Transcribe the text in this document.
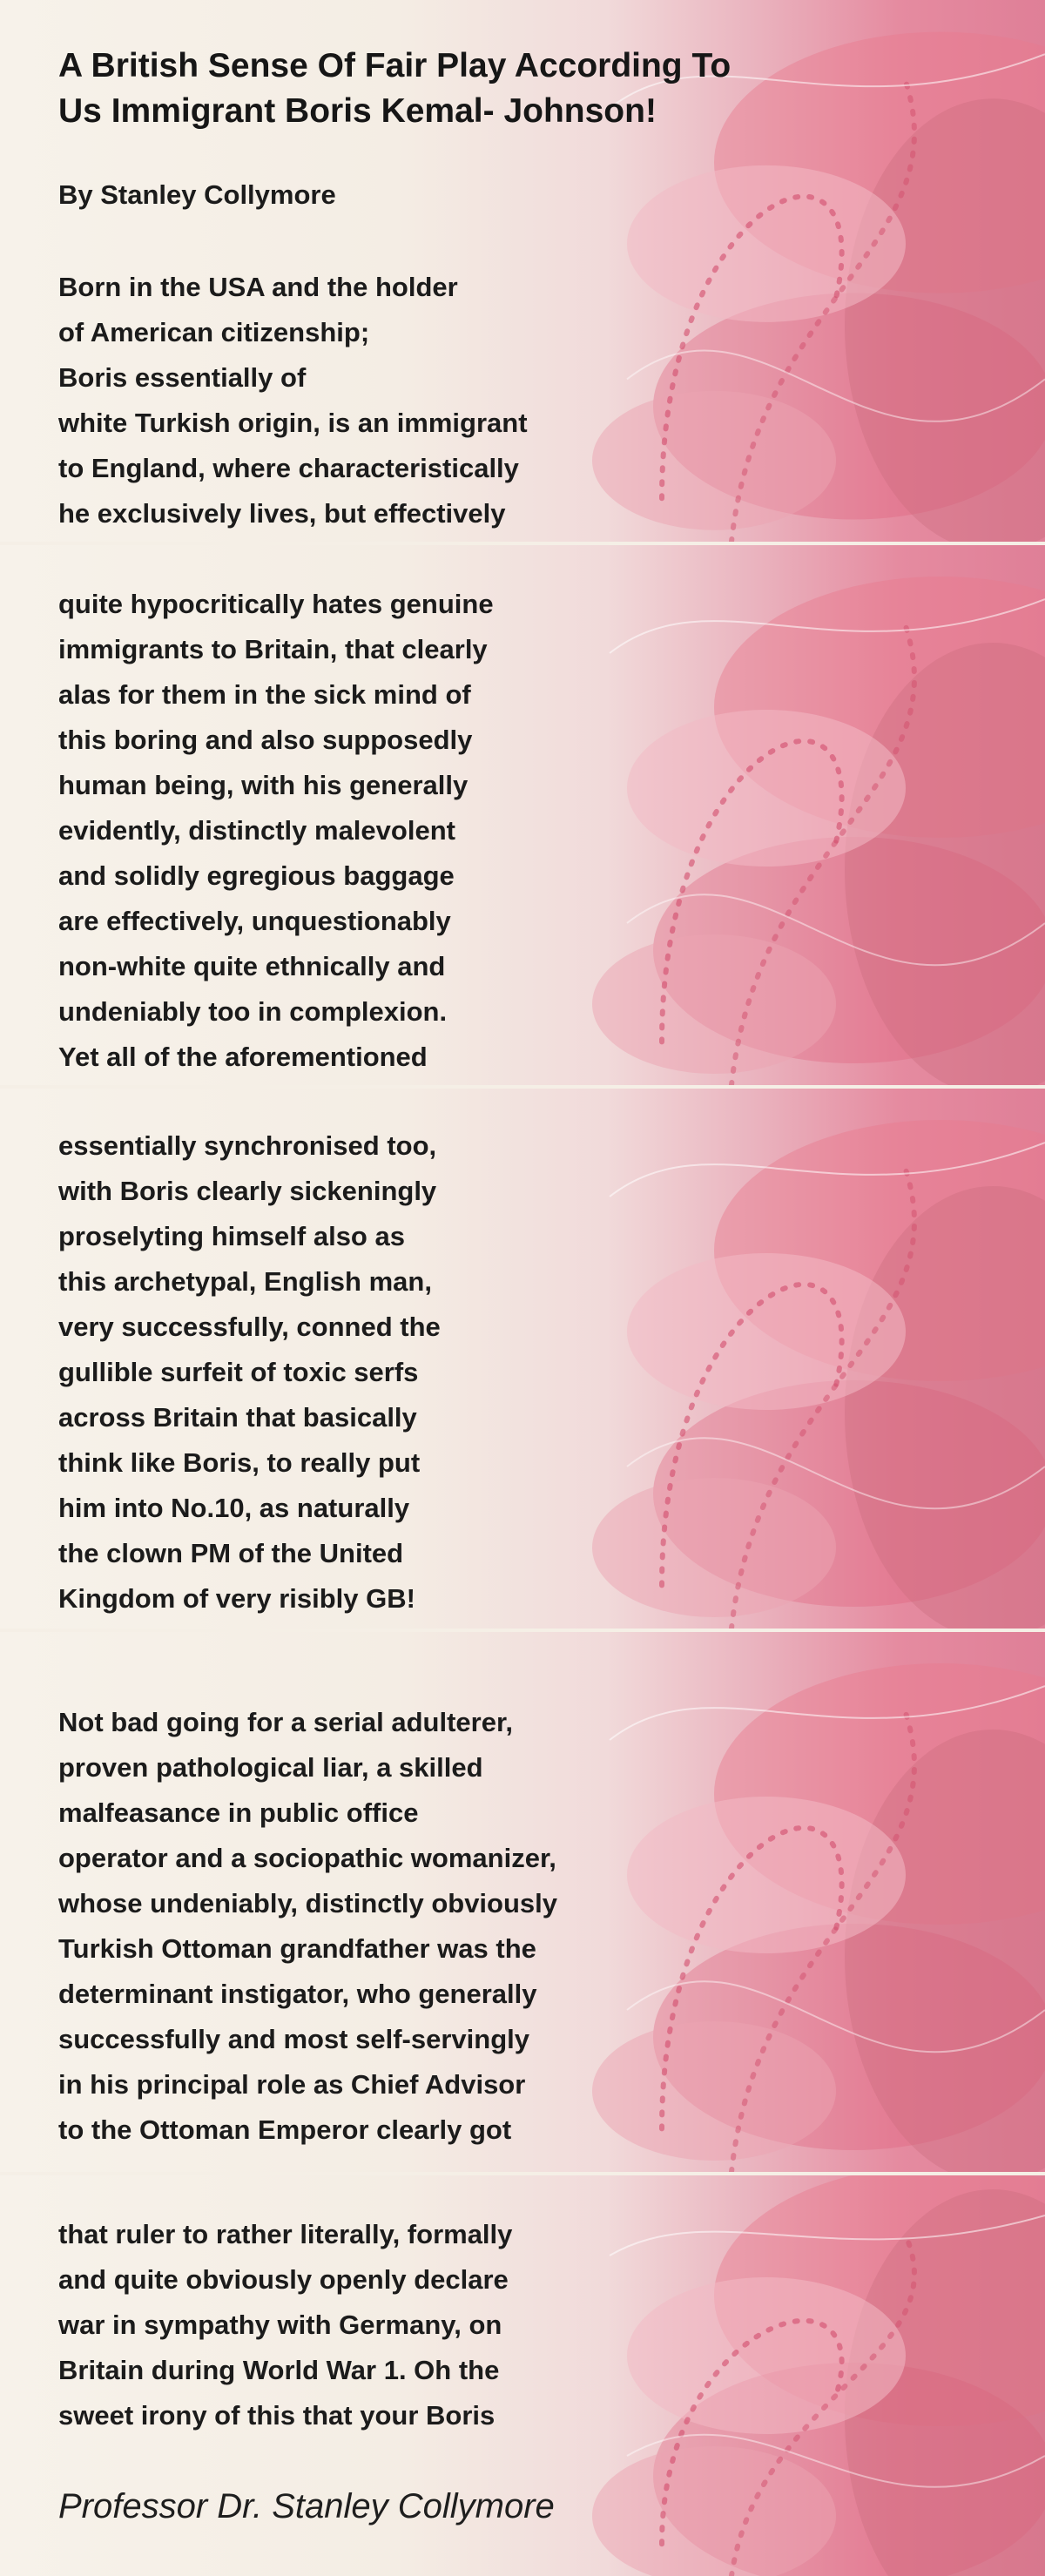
A British Sense Of Fair Play According To
Us Immigrant Boris Kemal- Johnson!

By Stanley Collymore

Born in the USA and the holder
of American citizenship;
Boris essentially of
white Turkish origin, is an immigrant
to England, where characteristically
he exclusively lives, but effectively

quite hypocritically hates genuine
immigrants to Britain, that clearly
alas for them in the sick mind of
this boring and also supposedly
human being, with his generally
evidently, distinctly malevolent
and solidly egregious baggage
are effectively, unquestionably
non-white quite ethnically and
undeniably too in complexion.
Yet all of the aforementioned

essentially synchronised too,
with Boris clearly sickeningly
proselyting himself also as
this archetypal, English man,
very successfully, conned the
gullible surfeit of toxic serfs
across Britain that basically
think like Boris, to really put
him into No.10, as naturally
the clown PM of the United
Kingdom of very risibly GB!

Not bad going for a serial adulterer,
proven pathological liar, a skilled
malfeasance in public office
operator and a sociopathic womanizer,
whose undeniably, distinctly obviously
Turkish Ottoman grandfather was the
determinant instigator, who generally
successfully and most self-servingly
in his principal role as Chief Advisor
to the Ottoman Emperor clearly got

that ruler to rather literally, formally
and quite obviously openly declare
war in sympathy with Germany, on
Britain during World War 1. Oh the
sweet irony of this that your Boris

Professor Dr. Stanley Collymore
